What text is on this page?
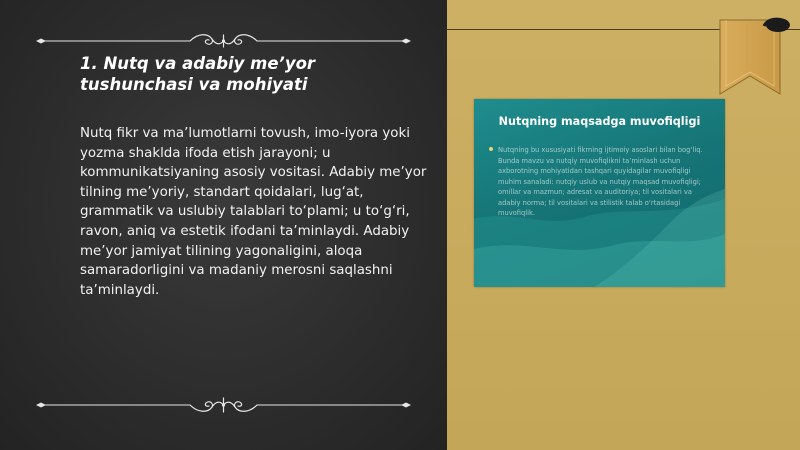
1. Nutq va adabiy me’yor tushunchasi va mohiyati

Nutq fikr va ma’lumotlarni tovush, imo-iyora yoki yozma shaklda ifoda etish jarayoni; u kommunikatsiyaning asosiy vositasi. Adabiy me’yor tilning me’yoriy, standart qoidalari, lug‘at, grammatik va uslubiy talablari to‘plami; u to‘g‘ri, ravon, aniq va estetik ifodani ta’minlaydi. Adabiy me’yor jamiyat tilining yagonaligini, aloqa samaradorligini va madaniy merosni saqlashni ta’minlaydi.

Nutqning maqsadga muvofiqligi

Nutqning bu xususiyati fikrning ijtimoiy asoslari bilan bog‘liq. Bunda mavzu va nutqiy muvofiqlikni ta’minlash uchun axborotning mohiyatidan tashqari quyidagilar muvofiqligi muhim sanaladi: nutqiy uslub va nutqiy maqsad muvofiqligi; omillar va mazmun; adresat va auditoriya; til vositalari va adabiy norma; til vositalari va stilistik talab o‘rtasidagi muvofiqlik.
